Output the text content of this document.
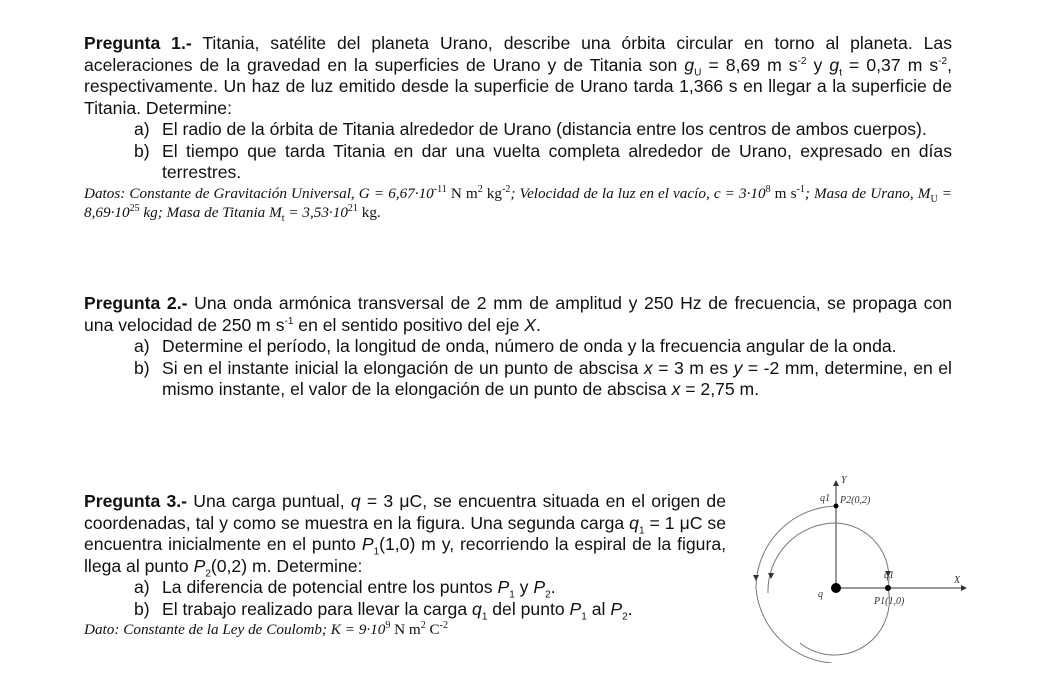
Pregunta 1.- Titania, satélite del planeta Urano, describe una órbita circular en torno al planeta. Las aceleraciones de la gravedad en la superficies de Urano y de Titania son $g_U = 8,69$ m $s^{-2}$ y $g_t = 0,37$ m $s^{-2}$, respectivamente. Un haz de luz emitido desde la superficie de Urano tarda 1,366 s en llegar a la superficie de Titania. Determine:

a) El radio de la órbita de Titania alrededor de Urano (distancia entre los centros de ambos cuerpos).
b) El tiempo que tarda Titania en dar una vuelta completa alrededor de Urano, expresado en días terrestres.

Datos: Constante de Gravitación Universal, $G = 6,67\cdot 10^{-11}$ N $m^2$ $kg^{-2}$; Velocidad de la luz en el vacío, $c = 3\cdot 10^8$ m $s^{-1}$; Masa de Urano, $M_U = 8,69\cdot 10^{25}$ kg; Masa de Titania $M_t = 3,53\cdot 10^{21}$ kg.

Pregunta 2.- Una onda armónica transversal de 2 mm de amplitud y 250 Hz de frecuencia, se propaga con una velocidad de 250 m $s^{-1}$ en el sentido positivo del eje X.

a) Determine el período, la longitud de onda, número de onda y la frecuencia angular de la onda.
b) Si en el instante inicial la elongación de un punto de abscisa x = 3 m es y = -2 mm, determine, en el mismo instante, el valor de la elongación de un punto de abscisa x = 2,75 m.

Pregunta 3.- Una carga puntual, q = 3 μC, se encuentra situada en el origen de coordenadas, tal y como se muestra en la figura. Una segunda carga $q_1 = 1$ μC se encuentra inicialmente en el punto $P_1(1,0)$ m y, recorriendo la espiral de la figura, llega al punto $P_2(0,2)$ m. Determine:

a) La diferencia de potencial entre los puntos $P_1$ y $P_2$.
b) El trabajo realizado para llevar la carga $q_1$ del punto $P_1$ al $P_2$.

Dato: Constante de la Ley de Coulomb; $K = 9\cdot 10^9$ N $m^2$ $C^{-2}$

Y
X
q
q1 P2(0,2)
q1
P1(1,0)
